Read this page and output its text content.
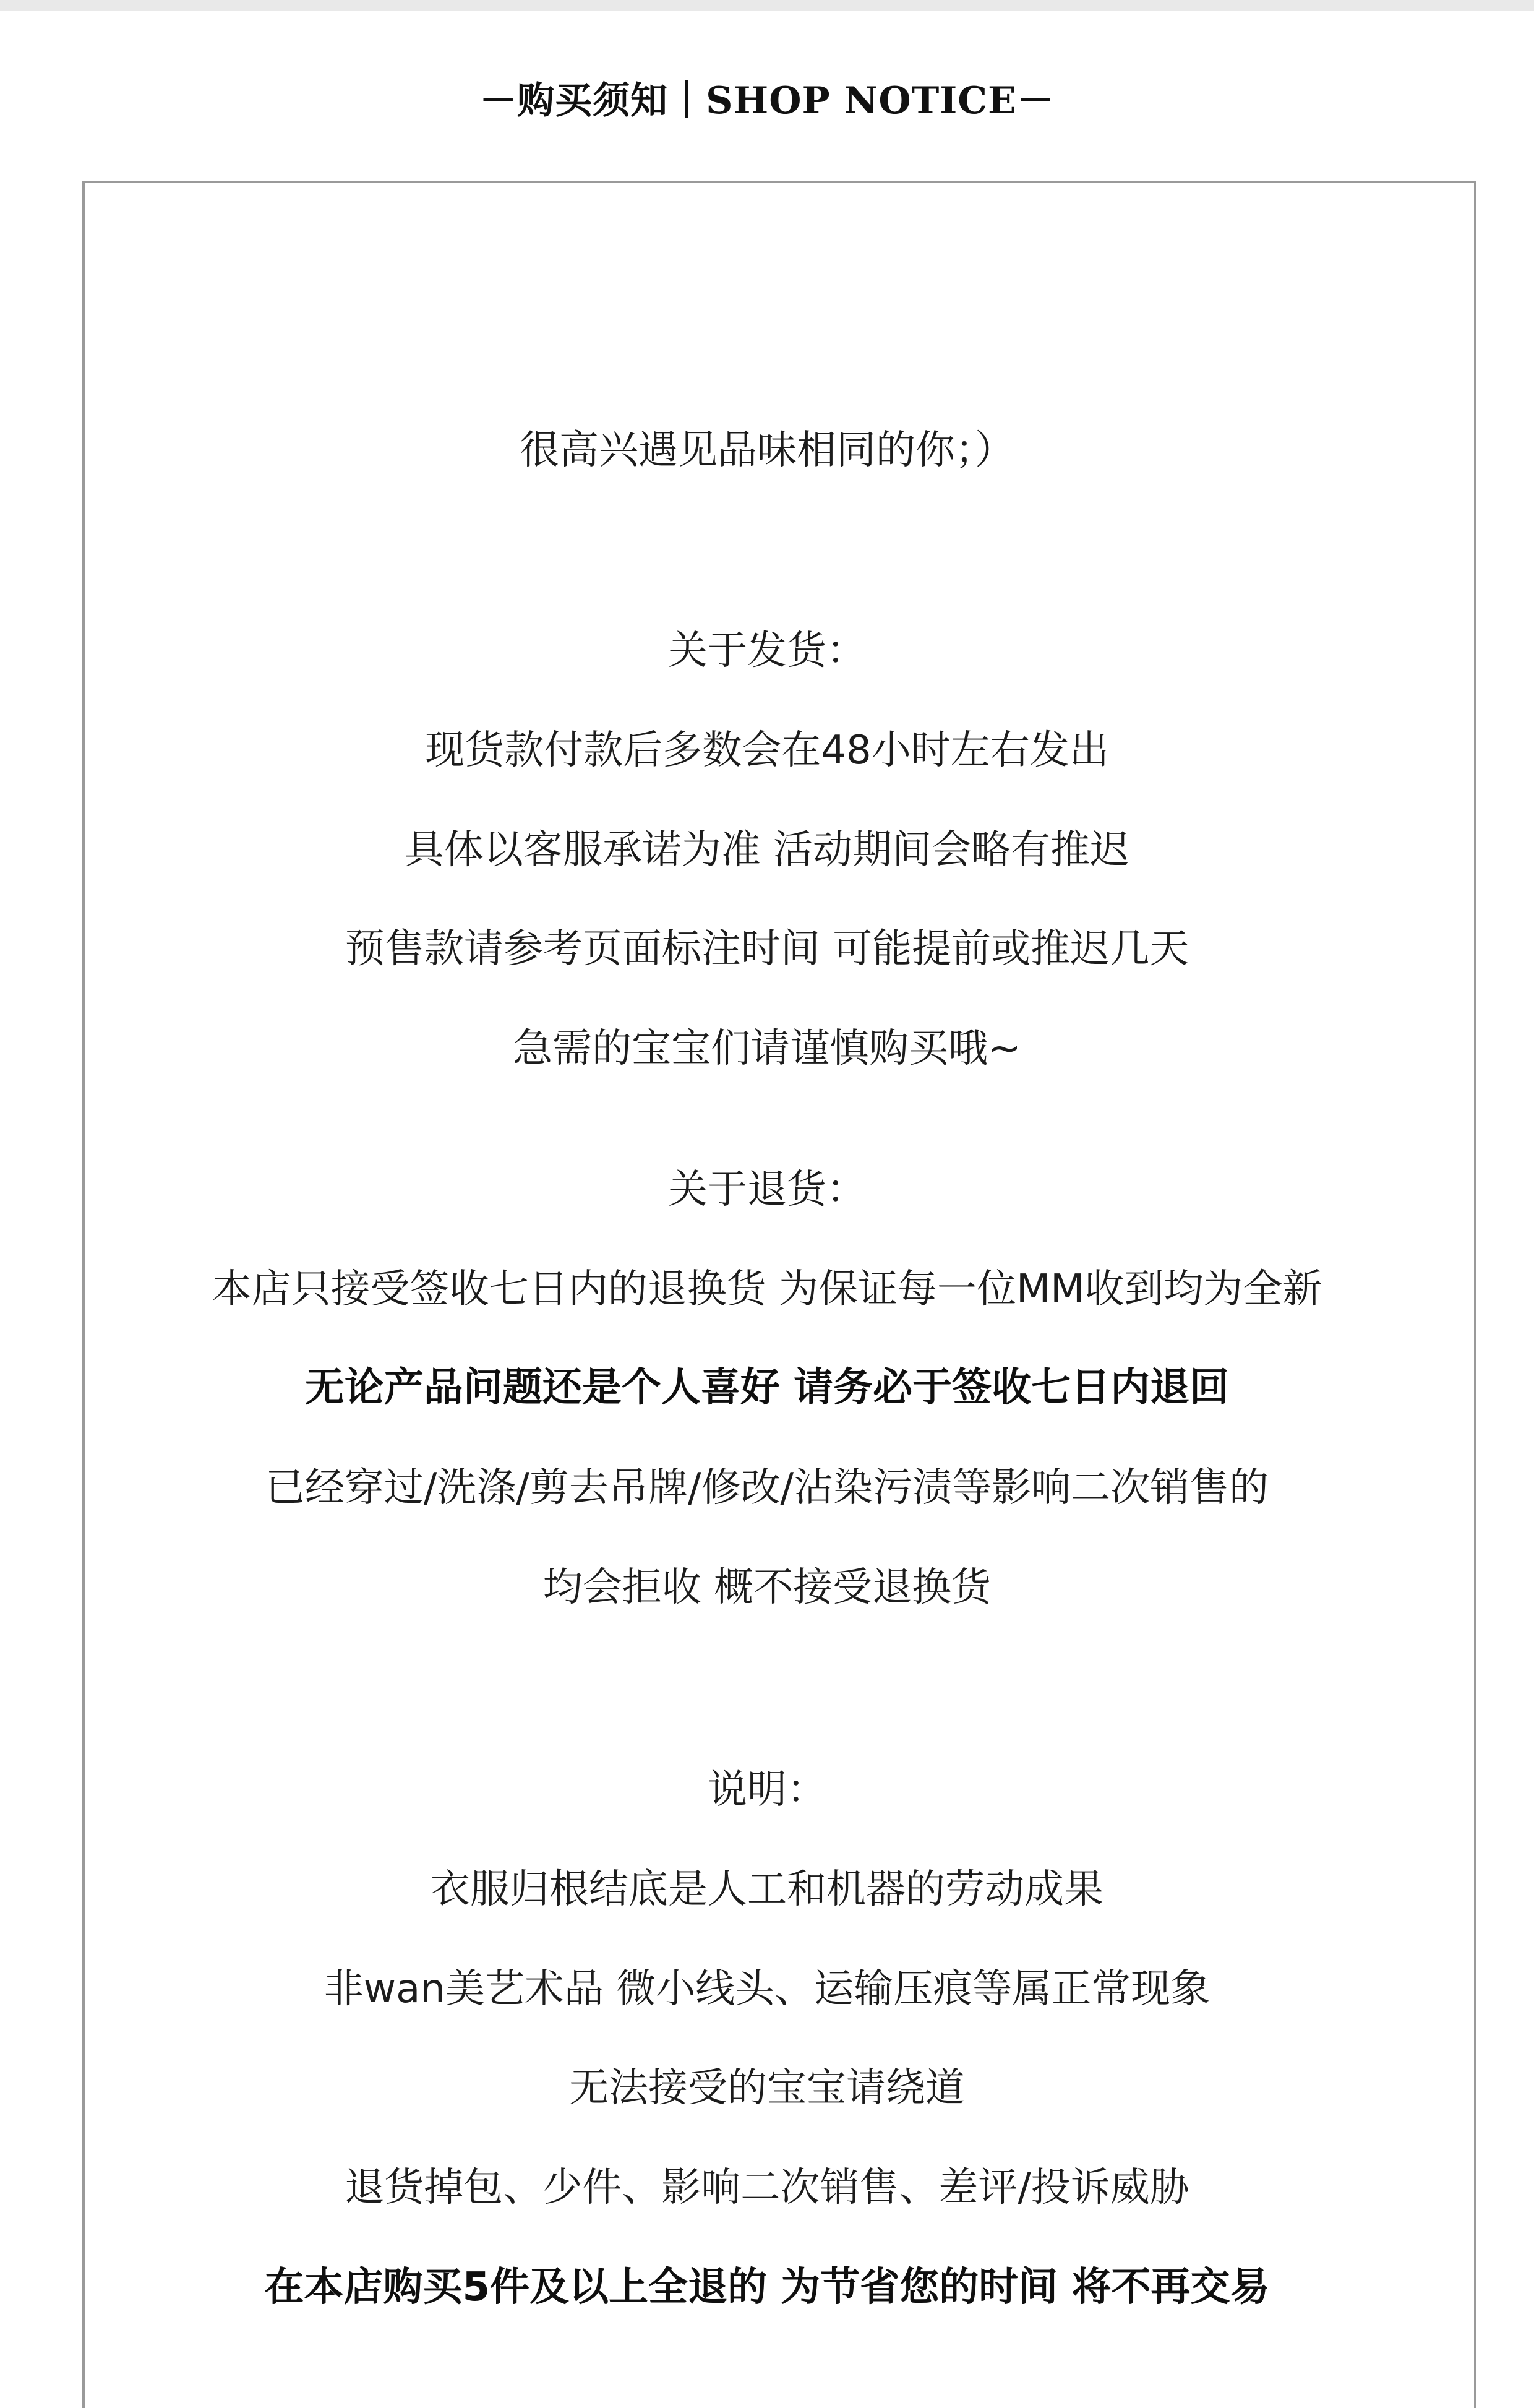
－购买须知｜SHOP NOTICE－
很高兴遇见品味相同的你；）
关于发货：
现货款付款后多数会在48小时左右发出
具体以客服承诺为准 活动期间会略有推迟
预售款请参考页面标注时间 可能提前或推迟几天
急需的宝宝们请谨慎购买哦~
关于退货：
本店只接受签收七日内的退换货 为保证每一位MM收到均为全新
无论产品问题还是个人喜好 请务必于签收七日内退回
已经穿过/洗涤/剪去吊牌/修改/沾染污渍等影响二次销售的
均会拒收 概不接受退换货
说明：
衣服归根结底是人工和机器的劳动成果
非wan美艺术品 微小线头、运输压痕等属正常现象
无法接受的宝宝请绕道
退货掉包、少件、影响二次销售、差评/投诉威胁
在本店购买5件及以上全退的 为节省您的时间 将不再交易
